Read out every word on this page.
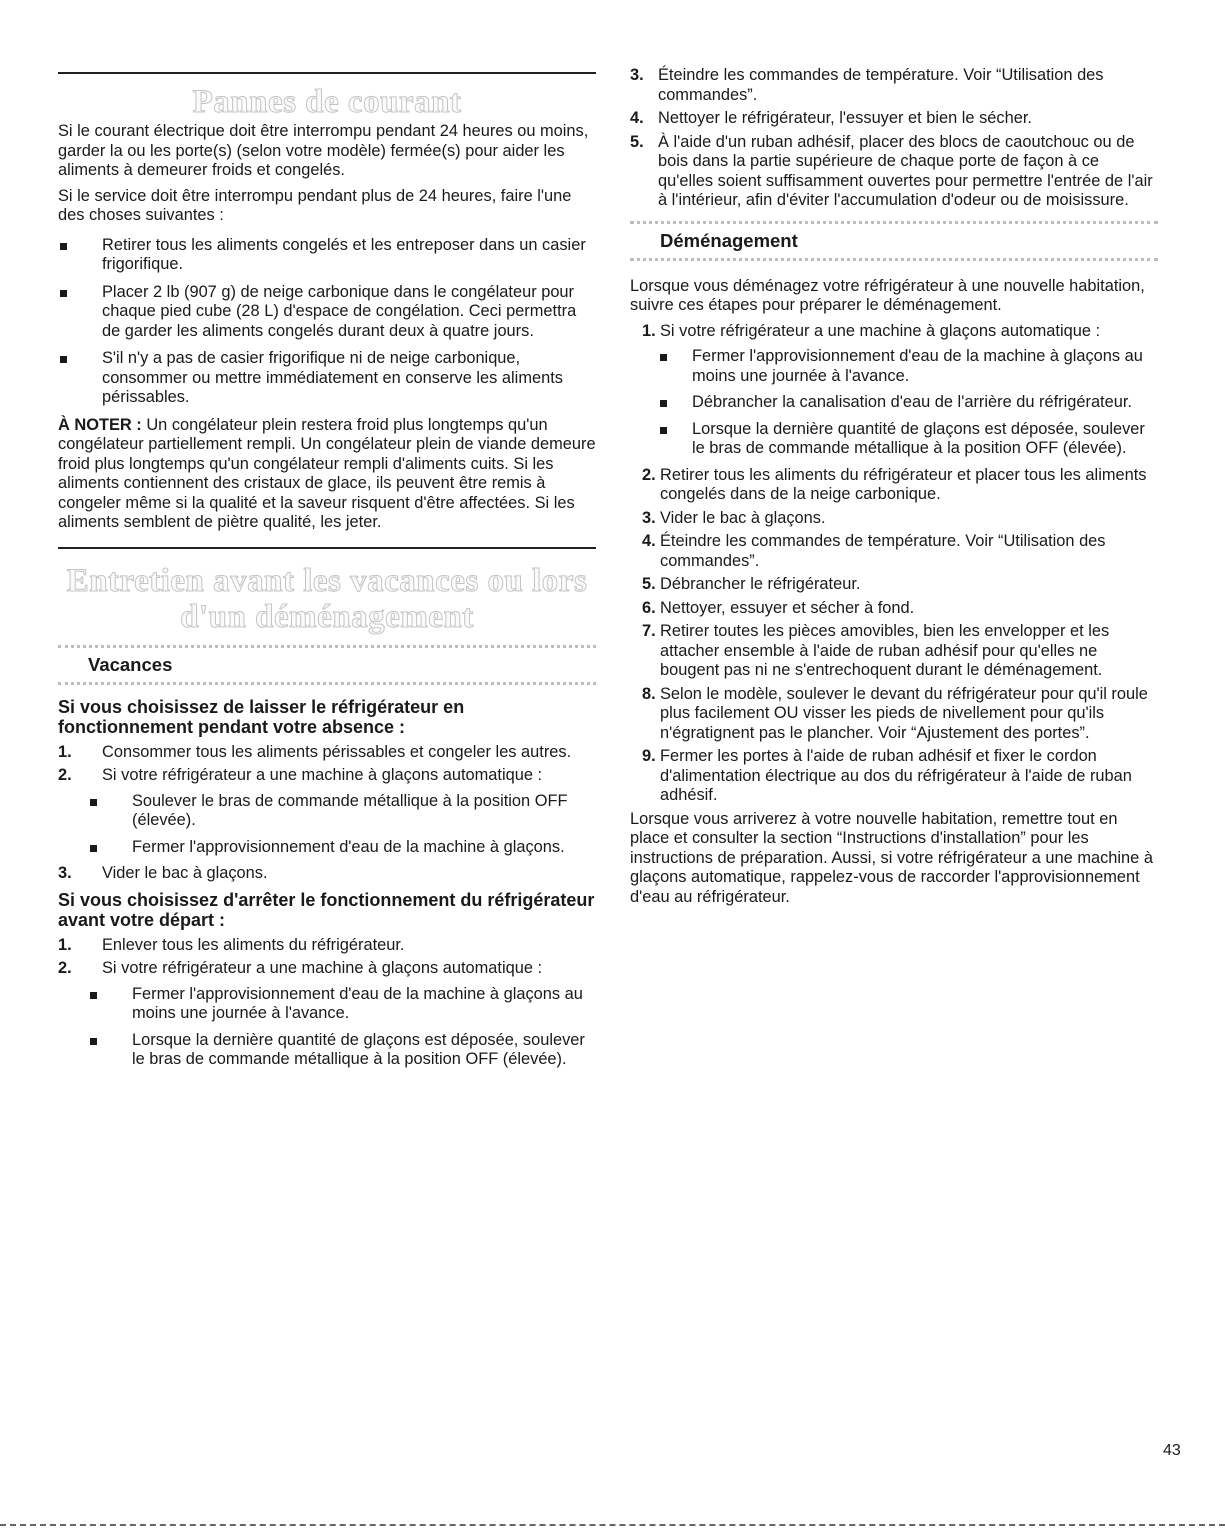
Pannes de courant

Si le courant électrique doit être interrompu pendant 24 heures ou moins, garder la ou les porte(s) (selon votre modèle) fermée(s) pour aider les aliments à demeurer froids et congelés.

Si le service doit être interrompu pendant plus de 24 heures, faire l'une des choses suivantes :

Retirer tous les aliments congelés et les entreposer dans un casier frigorifique.

Placer 2 lb (907 g) de neige carbonique dans le congélateur pour chaque pied cube (28 L) d'espace de congélation. Ceci permettra de garder les aliments congelés durant deux à quatre jours.

S'il n'y a pas de casier frigorifique ni de neige carbonique, consommer ou mettre immédiatement en conserve les aliments périssables.

À NOTER : Un congélateur plein restera froid plus longtemps qu'un congélateur partiellement rempli. Un congélateur plein de viande demeure froid plus longtemps qu'un congélateur rempli d'aliments cuits. Si les aliments contiennent des cristaux de glace, ils peuvent être remis à congeler même si la qualité et la saveur risquent d'être affectées. Si les aliments semblent de piètre qualité, les jeter.

Entretien avant les vacances ou lors
d'un déménagement
Vacances
Si vous choisissez de laisser le réfrigérateur en fonctionnement pendant votre absence :
1. Consommer tous les aliments périssables et congeler les autres.

2. Si votre réfrigérateur a une machine à glaçons automatique :

Soulever le bras de commande métallique à la position OFF (élevée).

Fermer l'approvisionnement d'eau de la machine à glaçons.

3. Vider le bac à glaçons.

Si vous choisissez d'arrêter le fonctionnement du réfrigérateur avant votre départ :
1. Enlever tous les aliments du réfrigérateur.

2. Si votre réfrigérateur a une machine à glaçons automatique :

Fermer l'approvisionnement d'eau de la machine à glaçons au moins une journée à l'avance.

Lorsque la dernière quantité de glaçons est déposée, soulever le bras de commande métallique à la position OFF (élevée).

3. Éteindre les commandes de température. Voir “Utilisation des commandes”.

4. Nettoyer le réfrigérateur, l'essuyer et bien le sécher.

5. À l'aide d'un ruban adhésif, placer des blocs de caoutchouc ou de bois dans la partie supérieure de chaque porte de façon à ce qu'elles soient suffisamment ouvertes pour permettre l'entrée de l'air à l'intérieur, afin d'éviter l'accumulation d'odeur ou de moisissure.

Déménagement

Lorsque vous déménagez votre réfrigérateur à une nouvelle habitation, suivre ces étapes pour préparer le déménagement.

1. Si votre réfrigérateur a une machine à glaçons automatique :

Fermer l'approvisionnement d'eau de la machine à glaçons au moins une journée à l'avance.

Débrancher la canalisation d'eau de l'arrière du réfrigérateur.

Lorsque la dernière quantité de glaçons est déposée, soulever le bras de commande métallique à la position OFF (élevée).

2. Retirer tous les aliments du réfrigérateur et placer tous les aliments congelés dans de la neige carbonique.

3. Vider le bac à glaçons.

4. Éteindre les commandes de température. Voir “Utilisation des commandes”.

5. Débrancher le réfrigérateur.

6. Nettoyer, essuyer et sécher à fond.

7. Retirer toutes les pièces amovibles, bien les envelopper et les attacher ensemble à l'aide de ruban adhésif pour qu'elles ne bougent pas ni ne s'entrechoquent durant le déménagement.

8. Selon le modèle, soulever le devant du réfrigérateur pour qu'il roule plus facilement OU visser les pieds de nivellement pour qu'ils n'égratignent pas le plancher. Voir “Ajustement des portes”.

9. Fermer les portes à l'aide de ruban adhésif et fixer le cordon d'alimentation électrique au dos du réfrigérateur à l'aide de ruban adhésif.

Lorsque vous arriverez à votre nouvelle habitation, remettre tout en place et consulter la section “Instructions d'installation” pour les instructions de préparation. Aussi, si votre réfrigérateur a une machine à glaçons automatique, rappelez-vous de raccorder l'approvisionnement d'eau au réfrigérateur.

43
